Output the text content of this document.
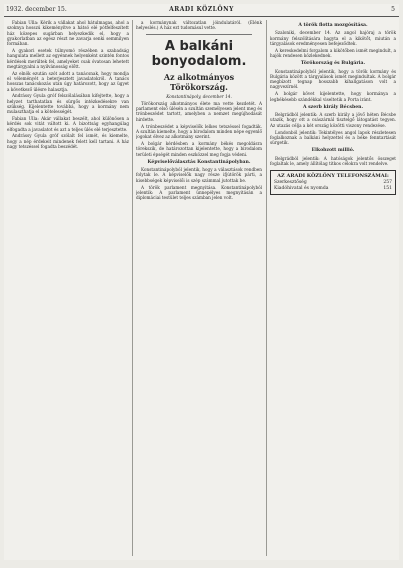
1932. december 15.	ARADI KÖZLÖNY	5

Fabian Ulla: Kérik a vállakat ahol hátulmagas, ahol a szoknya hosszú kikeményítve a hátsó elé pótfelfeszített ház közepes sugárban helyezkedik el, hogy a gyakorlatban az egész részt ne zavarja senki semmilyen formában.

A gyakori esetek túlnyomó részében a szabadság hangulata mellett az egyénnek helyenként szintén fontos kérdések merültek fel, amelyeket csak óvatosan lehetett megtárgyalni a nyilvánosság előtt.

Az elnök ezután szót adott a tanácsnak, hogy mondja el véleményét a beterjesztett javaslatokról. A tanács hosszas tanácskozás után úgy határozott, hogy az ügyet a következő ülésre halasztja.

Andrássy Gyula gróf felszólalásában kifejtette, hogy a helyzet tarthatatlan és sürgős intézkedésekre van szükség. Kijelentette továbbá, hogy a kormány nem mulaszthatja el a kötelességét.

Fabian Ulla: Akár vállakat beszélt, ahol különösen a kérdés sok vitát váltott ki. A bizottság egyhangúlag elfogadta a javaslatot és azt a teljes ülés elé terjesztette.

Andrássy Gyula gróf szólalt fel ismét, és kiemelte, hogy a nép érdekeit mindenek felett kell tartani. A ház nagy tetszéssel fogadta beszédét.

a kormánynak változatlan jóindulatáról. (Élénk helyeslés.) A ház ezt tudomásul vette.

A balkáni bonyodalom.
Az alkotmányos Törökország.
Konstantinápoly, december 14.

Törökország alkotmányos élete ma vette kezdetét. A parlament első ülésén a szultán személyesen jelent meg és trónbeszédet tartott, amelyben a nemzet megújhodását hirdette.

A trónbeszédet a képviselők lelkes tetszéssel fogadták. A szultán kiemelte, hogy a birodalom minden népe egyenlő jogokat élvez az alkotmány szerint.

A bolgár kérdésben a kormány békés megoldásra törekszik, de határozottan kijelentette, hogy a birodalom területi épségét minden eszközzel meg fogja védeni.

Képviselőválasztás Konstantinápolyban.

Konstantinápolyból jelentik, hogy a választások rendben folytak le. A képviselők nagy része ifjútörök párti, a kisebbségek képviselői is szép számmal jutottak be.

A török parlament megnyitása. Konstantinápolyból jelentik: A parlament ünnepélyes megnyitásán a diplomáciai testület teljes számban jelen volt.

A török flotta mozgósítása.

Szaloniki, december 14. Az angol hajóraj a török kormány felszólítására hagyta el a kikötőt, miután a tárgyalások eredményesen befejeződtek.

A kereskedelmi forgalom a kikötőben ismét megindult, a hajók rendesen közlekednek.

Törökország és Bulgária.

Konstantinápolyból jelentik, hogy a török kormány és Bulgária között a tárgyalások ismét megindultak. A bolgár megbízott tegnap hosszabb kihallgatáson volt a nagyvezírnél.

A bolgár követ kijelentette, hogy kormánya a legbékésebb szándékkal viseltetik a Porta iránt.

A szerb király Bécsben.

Belgrádból jelentik: A szerb király a jövő héten Bécsbe utazik, hogy ott a császárnál tisztelgő látogatást tegyen. Az utazás célja a két ország közötti viszony rendezése.

Londonból jelentik: Tekintélyes angol lapok részletesen foglalkoznak a balkáni helyzettel és a béke fenntartását sürgetik.

Elkobzott millió.

Belgrádból jelentik: A hatóságok jelentős összeget foglaltak le, amely állítólag titkos célokra volt rendelve.

AZ ARADI KÖZLÖNY TELEFONSZÁMAI:
Szerkesztőség	257
Kiadóhivatal és nyomda	151
